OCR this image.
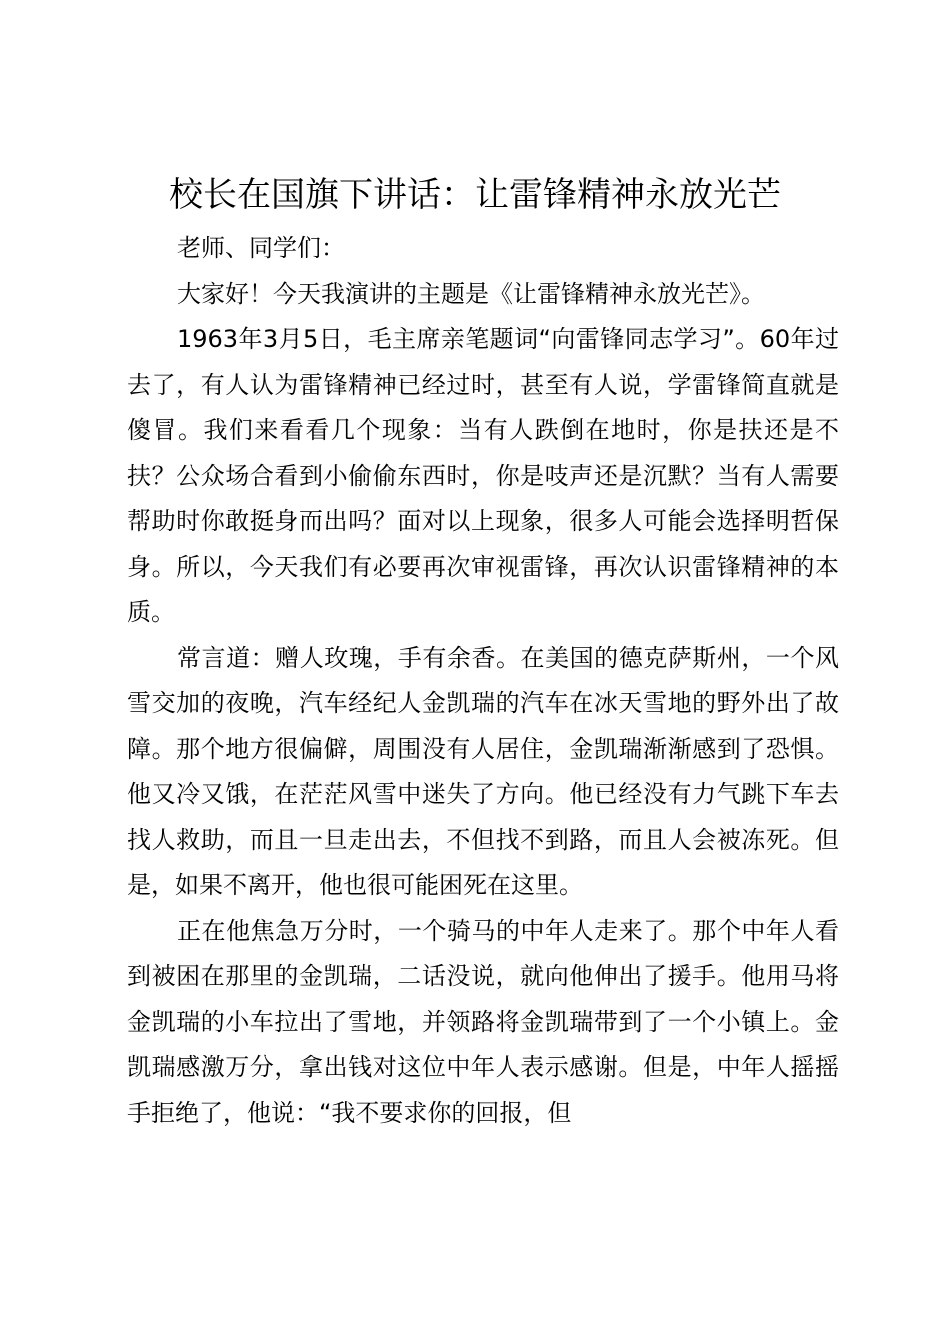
校长在国旗下讲话：让雷锋精神永放光芒

老师、同学们：

大家好！今天我演讲的主题是《让雷锋精神永放光芒》。

1963年3月5日，毛主席亲笔题词“向雷锋同志学习”。60年过去了，有人认为雷锋精神已经过时，甚至有人说，学雷锋简直就是傻冒。我们来看看几个现象：当有人跌倒在地时，你是扶还是不扶？公众场合看到小偷偷东西时，你是吱声还是沉默？当有人需要帮助时你敢挺身而出吗？面对以上现象，很多人可能会选择明哲保身。所以，今天我们有必要再次审视雷锋，再次认识雷锋精神的本质。

常言道：赠人玫瑰，手有余香。在美国的德克萨斯州，一个风雪交加的夜晚，汽车经纪人金凯瑞的汽车在冰天雪地的野外出了故障。那个地方很偏僻，周围没有人居住，金凯瑞渐渐感到了恐惧。他又冷又饿，在茫茫风雪中迷失了方向。他已经没有力气跳下车去找人救助，而且一旦走出去，不但找不到路，而且人会被冻死。但是，如果不离开，他也很可能困死在这里。

正在他焦急万分时，一个骑马的中年人走来了。那个中年人看到被困在那里的金凯瑞，二话没说，就向他伸出了援手。他用马将金凯瑞的小车拉出了雪地，并领路将金凯瑞带到了一个小镇上。金凯瑞感激万分，拿出钱对这位中年人表示感谢。但是，中年人摇摇手拒绝了，他说：“我不要求你的回报，但
